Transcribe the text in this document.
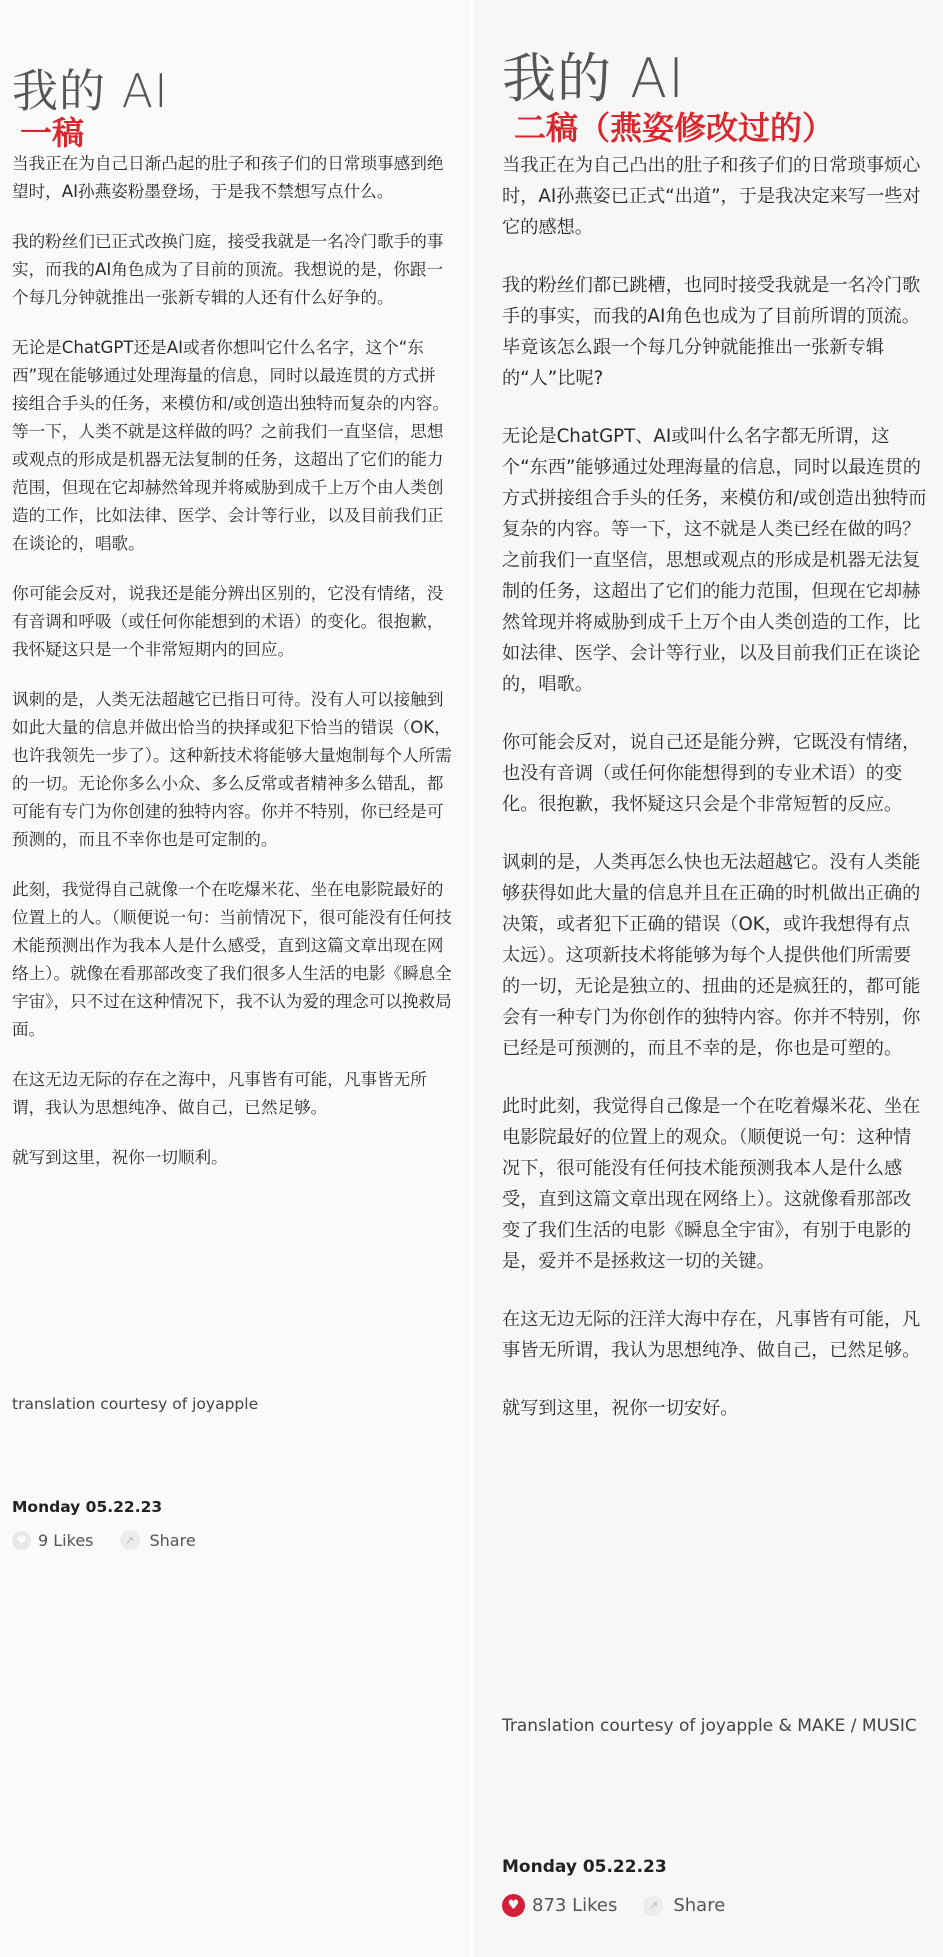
我的 AI
一稿

当我正在为自己日渐凸起的肚子和孩子们的日常琐事感到绝望时，AI孙燕姿粉墨登场，于是我不禁想写点什么。

我的粉丝们已正式改换门庭，接受我就是一名冷门歌手的事实，而我的AI角色成为了目前的顶流。我想说的是，你跟一个每几分钟就推出一张新专辑的人还有什么好争的。

无论是ChatGPT还是AI或者你想叫它什么名字，这个“东西”现在能够通过处理海量的信息，同时以最连贯的方式拼接组合手头的任务，来模仿和/或创造出独特而复杂的内容。等一下，人类不就是这样做的吗？之前我们一直坚信，思想或观点的形成是机器无法复制的任务，这超出了它们的能力范围，但现在它却赫然耸现并将威胁到成千上万个由人类创造的工作，比如法律、医学、会计等行业，以及目前我们正在谈论的，唱歌。

你可能会反对，说我还是能分辨出区别的，它没有情绪，没有音调和呼吸（或任何你能想到的术语）的变化。很抱歉，我怀疑这只是一个非常短期内的回应。

讽刺的是，人类无法超越它已指日可待。没有人可以接触到如此大量的信息并做出恰当的抉择或犯下恰当的错误（OK，也许我领先一步了）。这种新技术将能够大量炮制每个人所需的一切。无论你多么小众、多么反常或者精神多么错乱，都可能有专门为你创建的独特内容。你并不特别，你已经是可预测的，而且不幸你也是可定制的。

此刻，我觉得自己就像一个在吃爆米花、坐在电影院最好的位置上的人。（顺便说一句：当前情况下，很可能没有任何技术能预测出作为我本人是什么感受，直到这篇文章出现在网络上）。就像在看那部改变了我们很多人生活的电影《瞬息全宇宙》，只不过在这种情况下，我不认为爱的理念可以挽救局面。

在这无边无际的存在之海中，凡事皆有可能，凡事皆无所谓，我认为思想纯净、做自己，已然足够。

就写到这里，祝你一切顺利。

translation courtesy of joyapple
Monday 05.22.23
♥ 9 Likes	↗ Share
我的 AI
二稿（燕姿修改过的）

当我正在为自己凸出的肚子和孩子们的日常琐事烦心时，AI孙燕姿已正式“出道”，于是我决定来写一些对它的感想。

我的粉丝们都已跳槽，也同时接受我就是一名冷门歌手的事实，而我的AI角色也成为了目前所谓的顶流。毕竟该怎么跟一个每几分钟就能推出一张新专辑的“人”比呢?

无论是ChatGPT、AI或叫什么名字都无所谓，这个“东西”能够通过处理海量的信息，同时以最连贯的方式拼接组合手头的任务，来模仿和/或创造出独特而复杂的内容。等一下，这不就是人类已经在做的吗？之前我们一直坚信，思想或观点的形成是机器无法复制的任务，这超出了它们的能力范围，但现在它却赫然耸现并将威胁到成千上万个由人类创造的工作，比如法律、医学、会计等行业，以及目前我们正在谈论的，唱歌。

你可能会反对，说自己还是能分辨，它既没有情绪，也没有音调（或任何你能想得到的专业术语）的变化。很抱歉，我怀疑这只会是个非常短暂的反应。

讽刺的是，人类再怎么快也无法超越它。没有人类能够获得如此大量的信息并且在正确的时机做出正确的决策，或者犯下正确的错误（OK，或许我想得有点太远）。这项新技术将能够为每个人提供他们所需要的一切，无论是独立的、扭曲的还是疯狂的，都可能会有一种专门为你创作的独特内容。你并不特别，你已经是可预测的，而且不幸的是，你也是可塑的。

此时此刻，我觉得自己像是一个在吃着爆米花、坐在电影院最好的位置上的观众。（顺便说一句：这种情况下，很可能没有任何技术能预测我本人是什么感受，直到这篇文章出现在网络上）。这就像看那部改变了我们生活的电影《瞬息全宇宙》，有别于电影的是，爱并不是拯救这一切的关键。

在这无边无际的汪洋大海中存在，凡事皆有可能，凡事皆无所谓，我认为思想纯净、做自己，已然足够。

就写到这里，祝你一切安好。

Translation courtesy of joyapple & MAKE / MUSIC
Monday 05.22.23
♥ 873 Likes	↗ Share
